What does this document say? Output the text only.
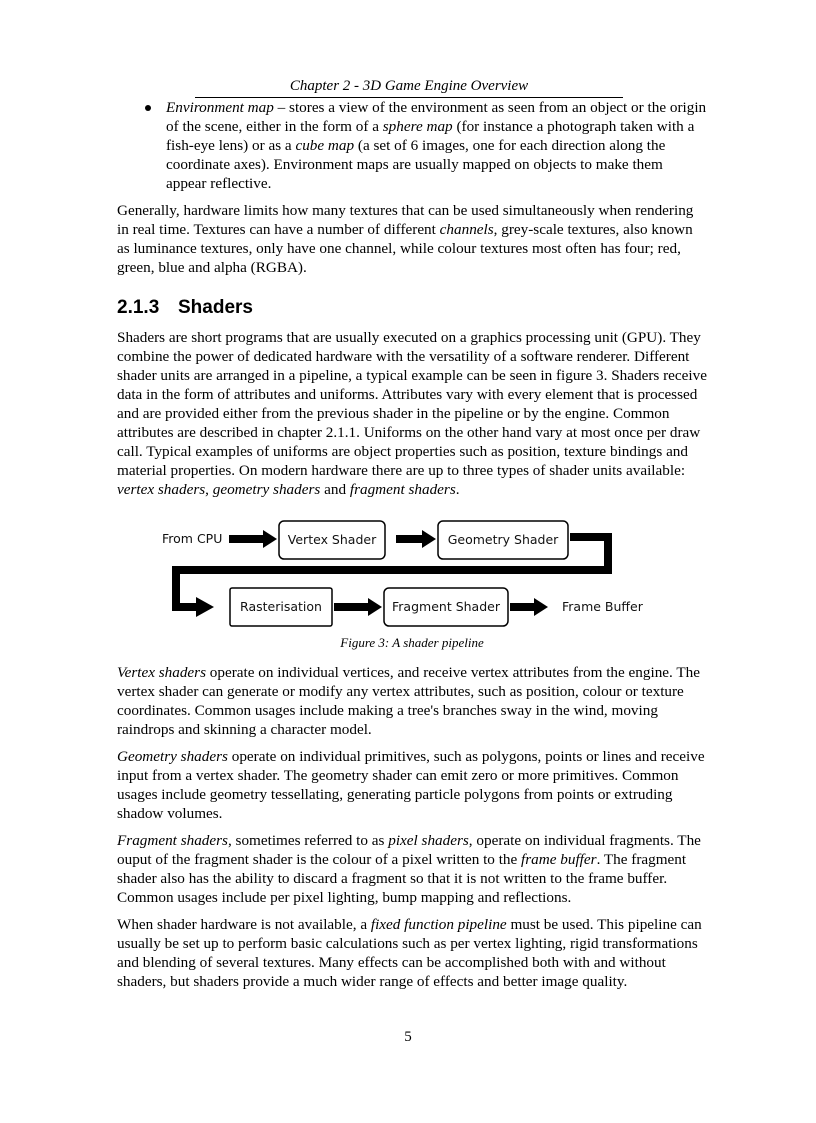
Chapter 2 - 3D Game Engine Overview
Environment map – stores a view of the environment as seen from an object or the origin of the scene, either in the form of a sphere map (for instance a photograph taken with a fish-eye lens) or as a cube map (a set of 6 images, one for each direction along the coordinate axes). Environment maps are usually mapped on objects to make them appear reflective.

Generally, hardware limits how many textures that can be used simultaneously when rendering in real time. Textures can have a number of different channels, grey-scale textures, also known as luminance textures, only have one channel, while colour textures most often has four; red, green, blue and alpha (RGBA).

2.1.3 Shaders

Shaders are short programs that are usually executed on a graphics processing unit (GPU). They combine the power of dedicated hardware with the versatility of a software renderer. Different shader units are arranged in a pipeline, a typical example can be seen in figure 3. Shaders receive data in the form of attributes and uniforms. Attributes vary with every element that is processed and are provided either from the previous shader in the pipeline or by the engine. Common attributes are described in chapter 2.1.1. Uniforms on the other hand vary at most once per draw call. Typical examples of uniforms are object properties such as position, texture bindings and material properties. On modern hardware there are up to three types of shader units available: vertex shaders, geometry shaders and fragment shaders.

From CPU	Vertex Shader	Geometry Shader
Rasterisation	Fragment Shader	Frame Buffer
Figure 3: A shader pipeline

Vertex shaders operate on individual vertices, and receive vertex attributes from the engine. The vertex shader can generate or modify any vertex attributes, such as position, colour or texture coordinates. Common usages include making a tree's branches sway in the wind, moving raindrops and skinning a character model.

Geometry shaders operate on individual primitives, such as polygons, points or lines and receive input from a vertex shader. The geometry shader can emit zero or more primitives. Common usages include geometry tessellating, generating particle polygons from points or extruding shadow volumes.

Fragment shaders, sometimes referred to as pixel shaders, operate on individual fragments. The ouput of the fragment shader is the colour of a pixel written to the frame buffer. The fragment shader also has the ability to discard a fragment so that it is not written to the frame buffer. Common usages include per pixel lighting, bump mapping and reflections.

When shader hardware is not available, a fixed function pipeline must be used. This pipeline can usually be set up to perform basic calculations such as per vertex lighting, rigid transformations and blending of several textures. Many effects can be accomplished both with and without shaders, but shaders provide a much wider range of effects and better image quality.

5
